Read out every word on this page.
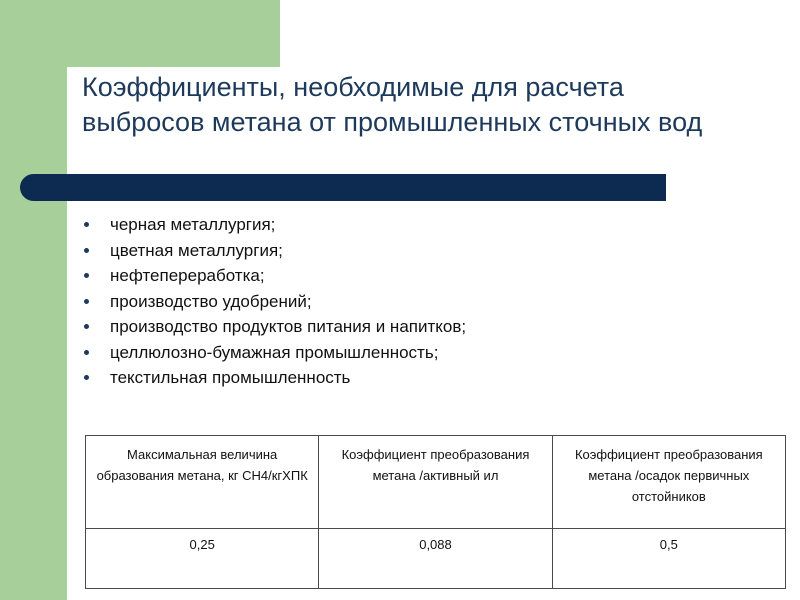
Коэффициенты, необходимые для расчета выбросов метана от промышленных сточных вод
черная металлургия;
цветная металлургия;
нефтепереработка;
производство удобрений;
производство продуктов питания и напитков;
целлюлозно-бумажная промышленность;
текстильная промышленность
Максимальная величина образования метана, кг СН4/кгХПК	Коэффициент преобразования метана /активный ил	Коэффициент преобразования метана /осадок первичных отстойников
0,25	0,088	0,5
